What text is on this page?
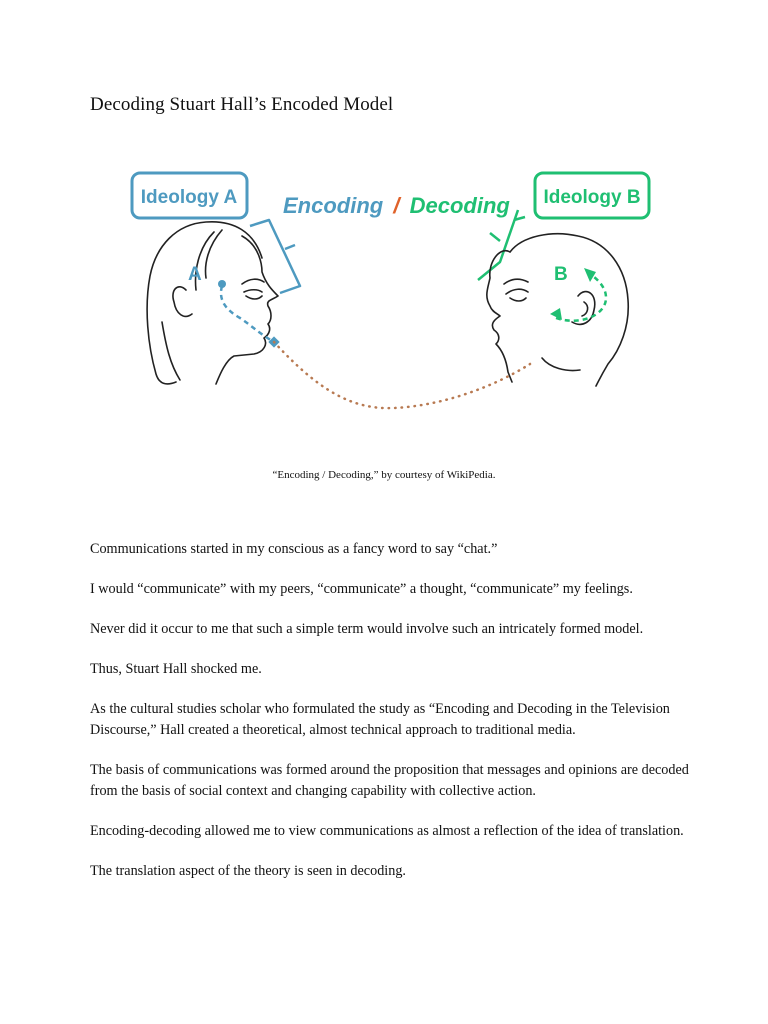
Decoding Stuart Hall’s Encoded Model
Ideology A	Ideology B
Encoding / Decoding
A	B

“Encoding / Decoding,” by courtesy of WikiPedia.

Communications started in my conscious as a fancy word to say “chat.”

I would “communicate” with my peers, “communicate” a thought, “communicate” my feelings.

Never did it occur to me that such a simple term would involve such an intricately formed model.

Thus, Stuart Hall shocked me.

As the cultural studies scholar who formulated the study as “Encoding and Decoding in the Television Discourse,” Hall created a theoretical, almost technical approach to traditional media.

The basis of communications was formed around the proposition that messages and opinions are decoded from the basis of social context and changing capability with collective action.

Encoding-decoding allowed me to view communications as almost a reflection of the idea of translation.

The translation aspect of the theory is seen in decoding.
